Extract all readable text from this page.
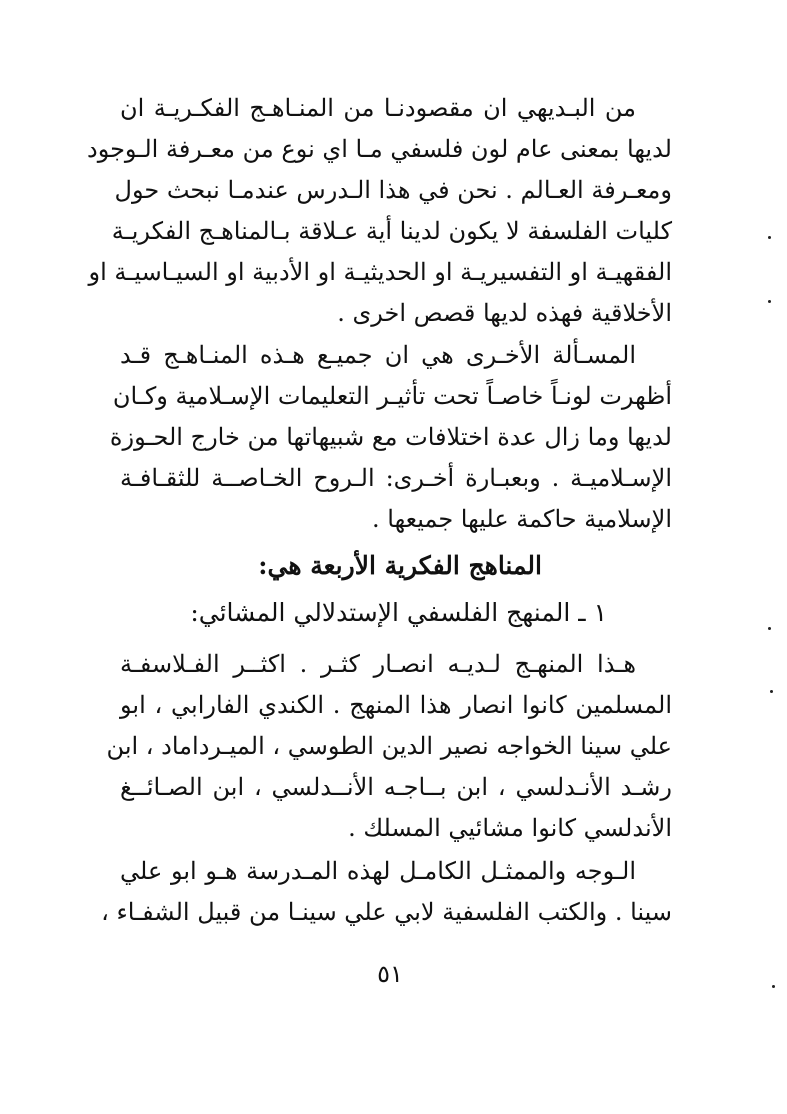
من البـديهي ان مقصودنـا من المنـاهـج الفكـريـة ان
لديها بمعنى عام لون فلسفي مـا اي نوع من معـرفة الـوجود
ومعـرفة العـالم . نحن في هذا الـدرس عندمـا نبحث حول
كليات الفلسفة لا يكون لدينا أية عـلاقة بـالمناهـج الفكريـة
الفقهيـة او التفسيريـة او الحديثيـة او الأدبية او السيـاسيـة او
الأخلاقية فهذه لديها قصص اخرى .
المسـألة الأخـرى هي ان جميـع هـذه المنـاهـج قـد
أظهرت لونـاً خاصـاً تحت تأثيـر التعليمات الإسـلامية وكـان
لديها وما زال عدة اختلافات مع شبيهاتها من خارج الحـوزة
الإسـلاميـة . وبعبـارة أخـرى: الـروح الخـاصــة للثقـافـة
الإسلامية حاكمة عليها جميعها .
المناهج الفكرية الأربعة هي:
١ ـ المنهج الفلسفي الإستدلالي المشائي:
هـذا المنهـج لـديـه انصـار كثـر . اكثــر الفـلاسفـة
المسلمين كانوا انصار هذا المنهج . الكندي الفارابي ، ابو
علي سينا الخواجه نصير الدين الطوسي ، الميـرداماد ، ابن
رشـد الأنـدلسي ، ابن بــاجـه الأنــدلسي ، ابن الصـائــغ
الأندلسي كانوا مشائيي المسلك .
الـوجه والممثـل الكامـل لهذه المـدرسة هـو ابو علي
سينا . والكتب الفلسفية لابي علي سينـا من قبيل الشفـاء ،
٥١
